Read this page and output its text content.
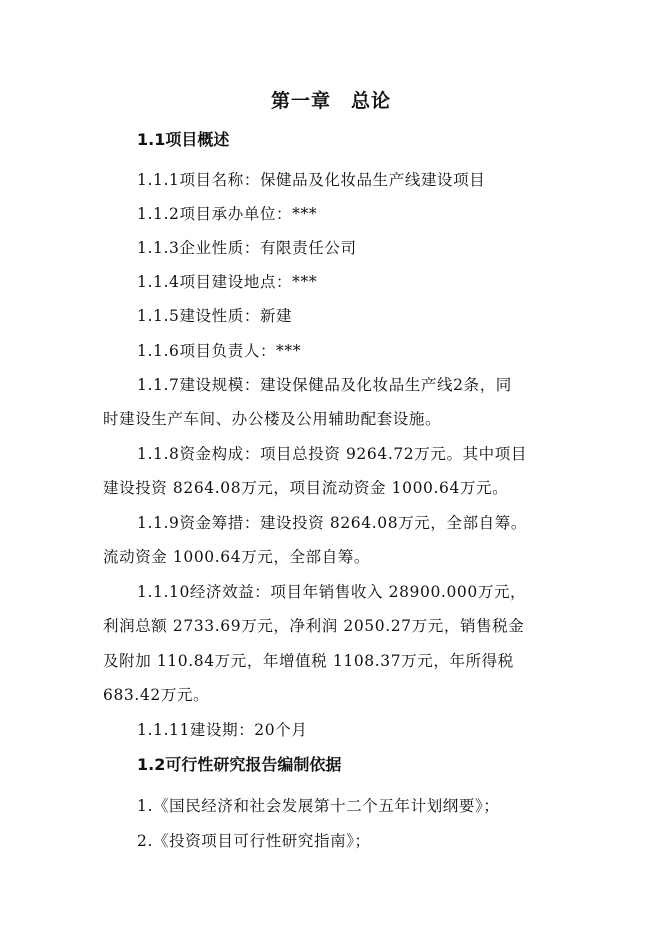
第一章　总论
1.1项目概述
1.1.1项目名称：保健品及化妆品生产线建设项目
1.1.2项目承办单位：***
1.1.3企业性质：有限责任公司
1.1.4项目建设地点：***
1.1.5建设性质：新建
1.1.6项目负责人：***
1.1.7建设规模：建设保健品及化妆品生产线2条，同
时建设生产车间、办公楼及公用辅助配套设施。
1.1.8资金构成：项目总投资 9264.72万元。其中项目
建设投资 8264.08万元，项目流动资金 1000.64万元。
1.1.9资金筹措：建设投资 8264.08万元，全部自筹。
流动资金 1000.64万元，全部自筹。
1.1.10经济效益：项目年销售收入 28900.000万元，
利润总额 2733.69万元，净利润 2050.27万元，销售税金
及附加 110.84万元，年增值税 1108.37万元，年所得税
683.42万元。
1.1.11建设期：20个月
1.2可行性研究报告编制依据
1.《国民经济和社会发展第十二个五年计划纲要》；
2.《投资项目可行性研究指南》；
